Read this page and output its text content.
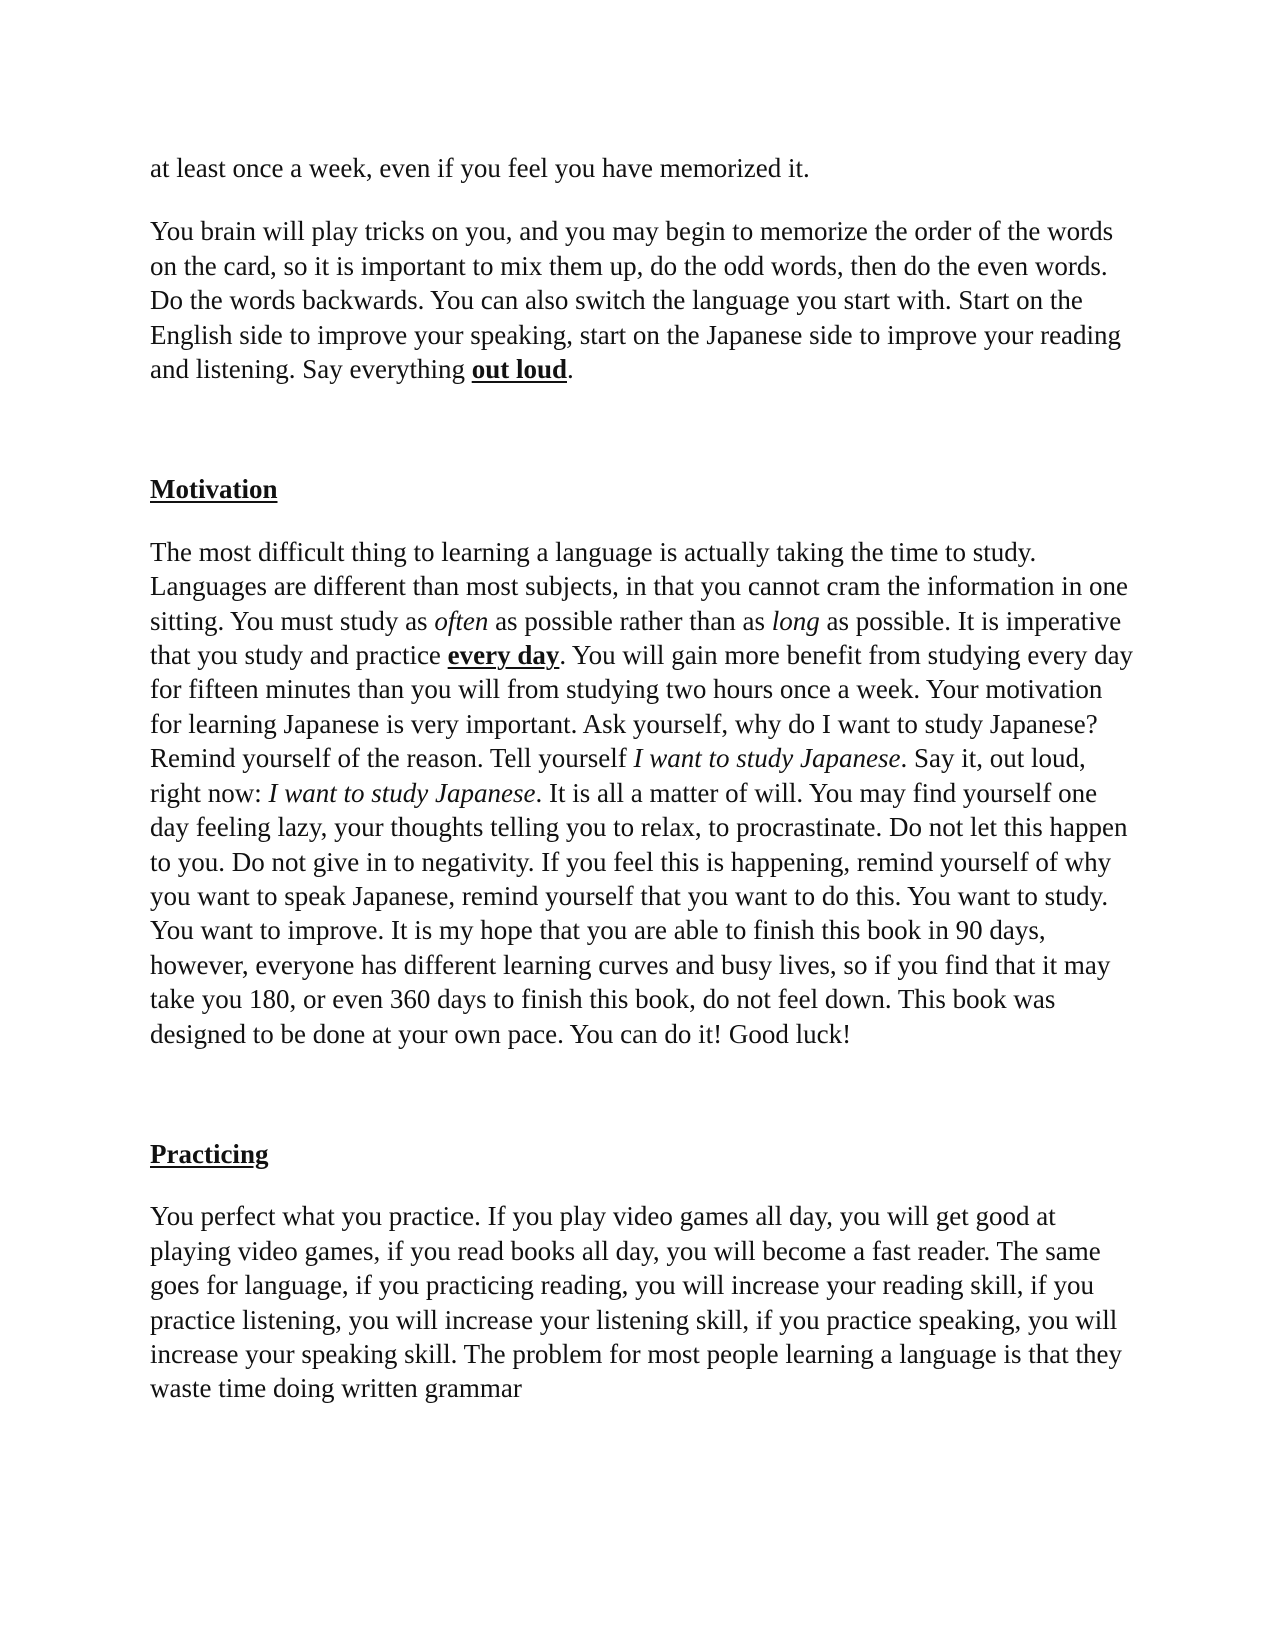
at least once a week, even if you feel you have memorized it.

You brain will play tricks on you, and you may begin to memorize the order of the words on the card, so it is important to mix them up, do the odd words, then do the even words. Do the words backwards. You can also switch the language you start with. Start on the English side to improve your speaking, start on the Japanese side to improve your reading and listening. Say everything out loud.

Motivation

The most difficult thing to learning a language is actually taking the time to study. Languages are different than most subjects, in that you cannot cram the information in one sitting. You must study as often as possible rather than as long as possible. It is imperative that you study and practice every day. You will gain more benefit from studying every day for fifteen minutes than you will from studying two hours once a week. Your motivation for learning Japanese is very important. Ask yourself, why do I want to study Japanese? Remind yourself of the reason. Tell yourself I want to study Japanese. Say it, out loud, right now: I want to study Japanese. It is all a matter of will. You may find yourself one day feeling lazy, your thoughts telling you to relax, to procrastinate. Do not let this happen to you. Do not give in to negativity. If you feel this is happening, remind yourself of why you want to speak Japanese, remind yourself that you want to do this. You want to study. You want to improve. It is my hope that you are able to finish this book in 90 days, however, everyone has different learning curves and busy lives, so if you find that it may take you 180, or even 360 days to finish this book, do not feel down. This book was designed to be done at your own pace. You can do it! Good luck!

Practicing

You perfect what you practice. If you play video games all day, you will get good at playing video games, if you read books all day, you will become a fast reader. The same goes for language, if you practicing reading, you will increase your reading skill, if you practice listening, you will increase your listening skill, if you practice speaking, you will increase your speaking skill. The problem for most people learning a language is that they waste time doing written grammar
